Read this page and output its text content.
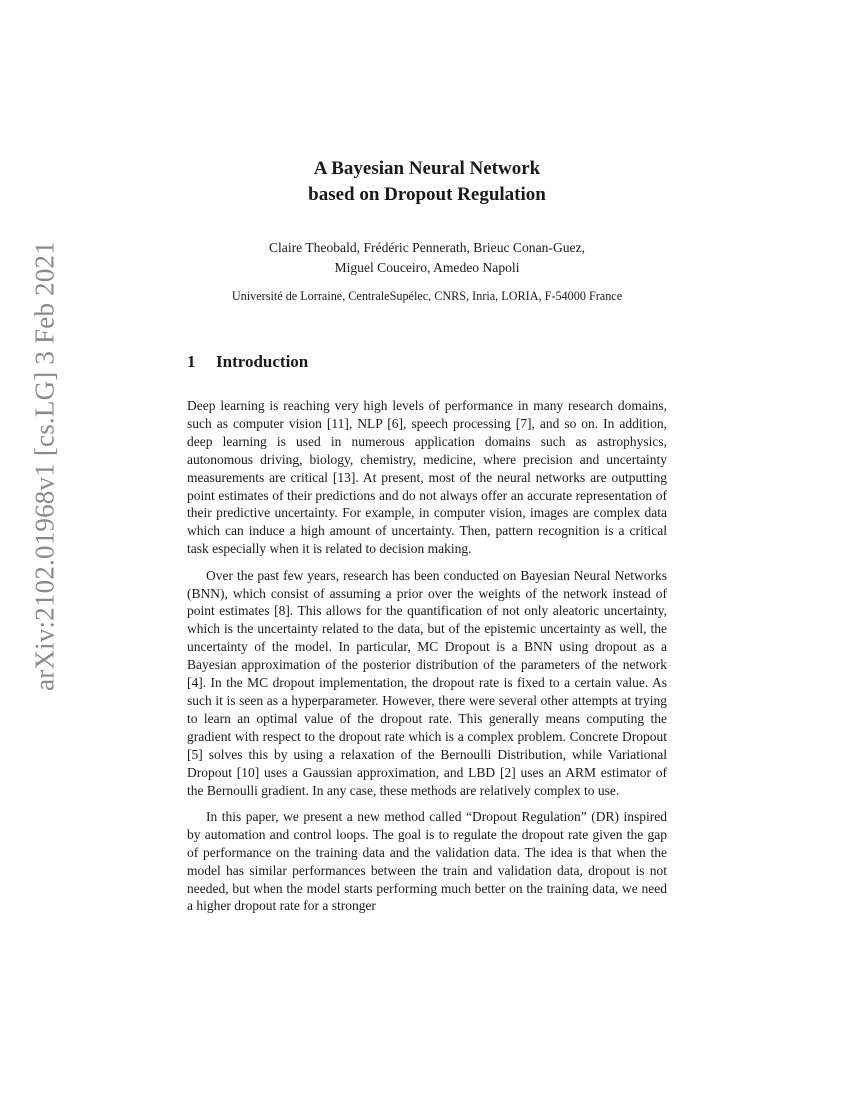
arXiv:2102.01968v1 [cs.LG] 3 Feb 2021
A Bayesian Neural Network
based on Dropout Regulation
Claire Theobald, Frédéric Pennerath, Brieuc Conan-Guez,
Miguel Couceiro, Amedeo Napoli
Université de Lorraine, CentraleSupélec, CNRS, Inria, LORIA, F-54000 France
1 Introduction

Deep learning is reaching very high levels of performance in many research domains, such as computer vision [11], NLP [6], speech processing [7], and so on. In addition, deep learning is used in numerous application domains such as astrophysics, autonomous driving, biology, chemistry, medicine, where precision and uncertainty measurements are critical [13]. At present, most of the neural networks are outputting point estimates of their predictions and do not always offer an accurate representation of their predictive uncertainty. For example, in computer vision, images are complex data which can induce a high amount of uncertainty. Then, pattern recognition is a critical task especially when it is related to decision making.

Over the past few years, research has been conducted on Bayesian Neural Networks (BNN), which consist of assuming a prior over the weights of the network instead of point estimates [8]. This allows for the quantification of not only aleatoric uncertainty, which is the uncertainty related to the data, but of the epistemic uncertainty as well, the uncertainty of the model. In particular, MC Dropout is a BNN using dropout as a Bayesian approximation of the posterior distribution of the parameters of the network [4]. In the MC dropout implementation, the dropout rate is fixed to a certain value. As such it is seen as a hyperparameter. However, there were several other attempts at trying to learn an optimal value of the dropout rate. This generally means computing the gradient with respect to the dropout rate which is a complex problem. Concrete Dropout [5] solves this by using a relaxation of the Bernoulli Distribution, while Variational Dropout [10] uses a Gaussian approximation, and LBD [2] uses an ARM estimator of the Bernoulli gradient. In any case, these methods are relatively complex to use.

In this paper, we present a new method called “Dropout Regulation” (DR) inspired by automation and control loops. The goal is to regulate the dropout rate given the gap of performance on the training data and the validation data. The idea is that when the model has similar performances between the train and validation data, dropout is not needed, but when the model starts performing much better on the training data, we need a higher dropout rate for a stronger
